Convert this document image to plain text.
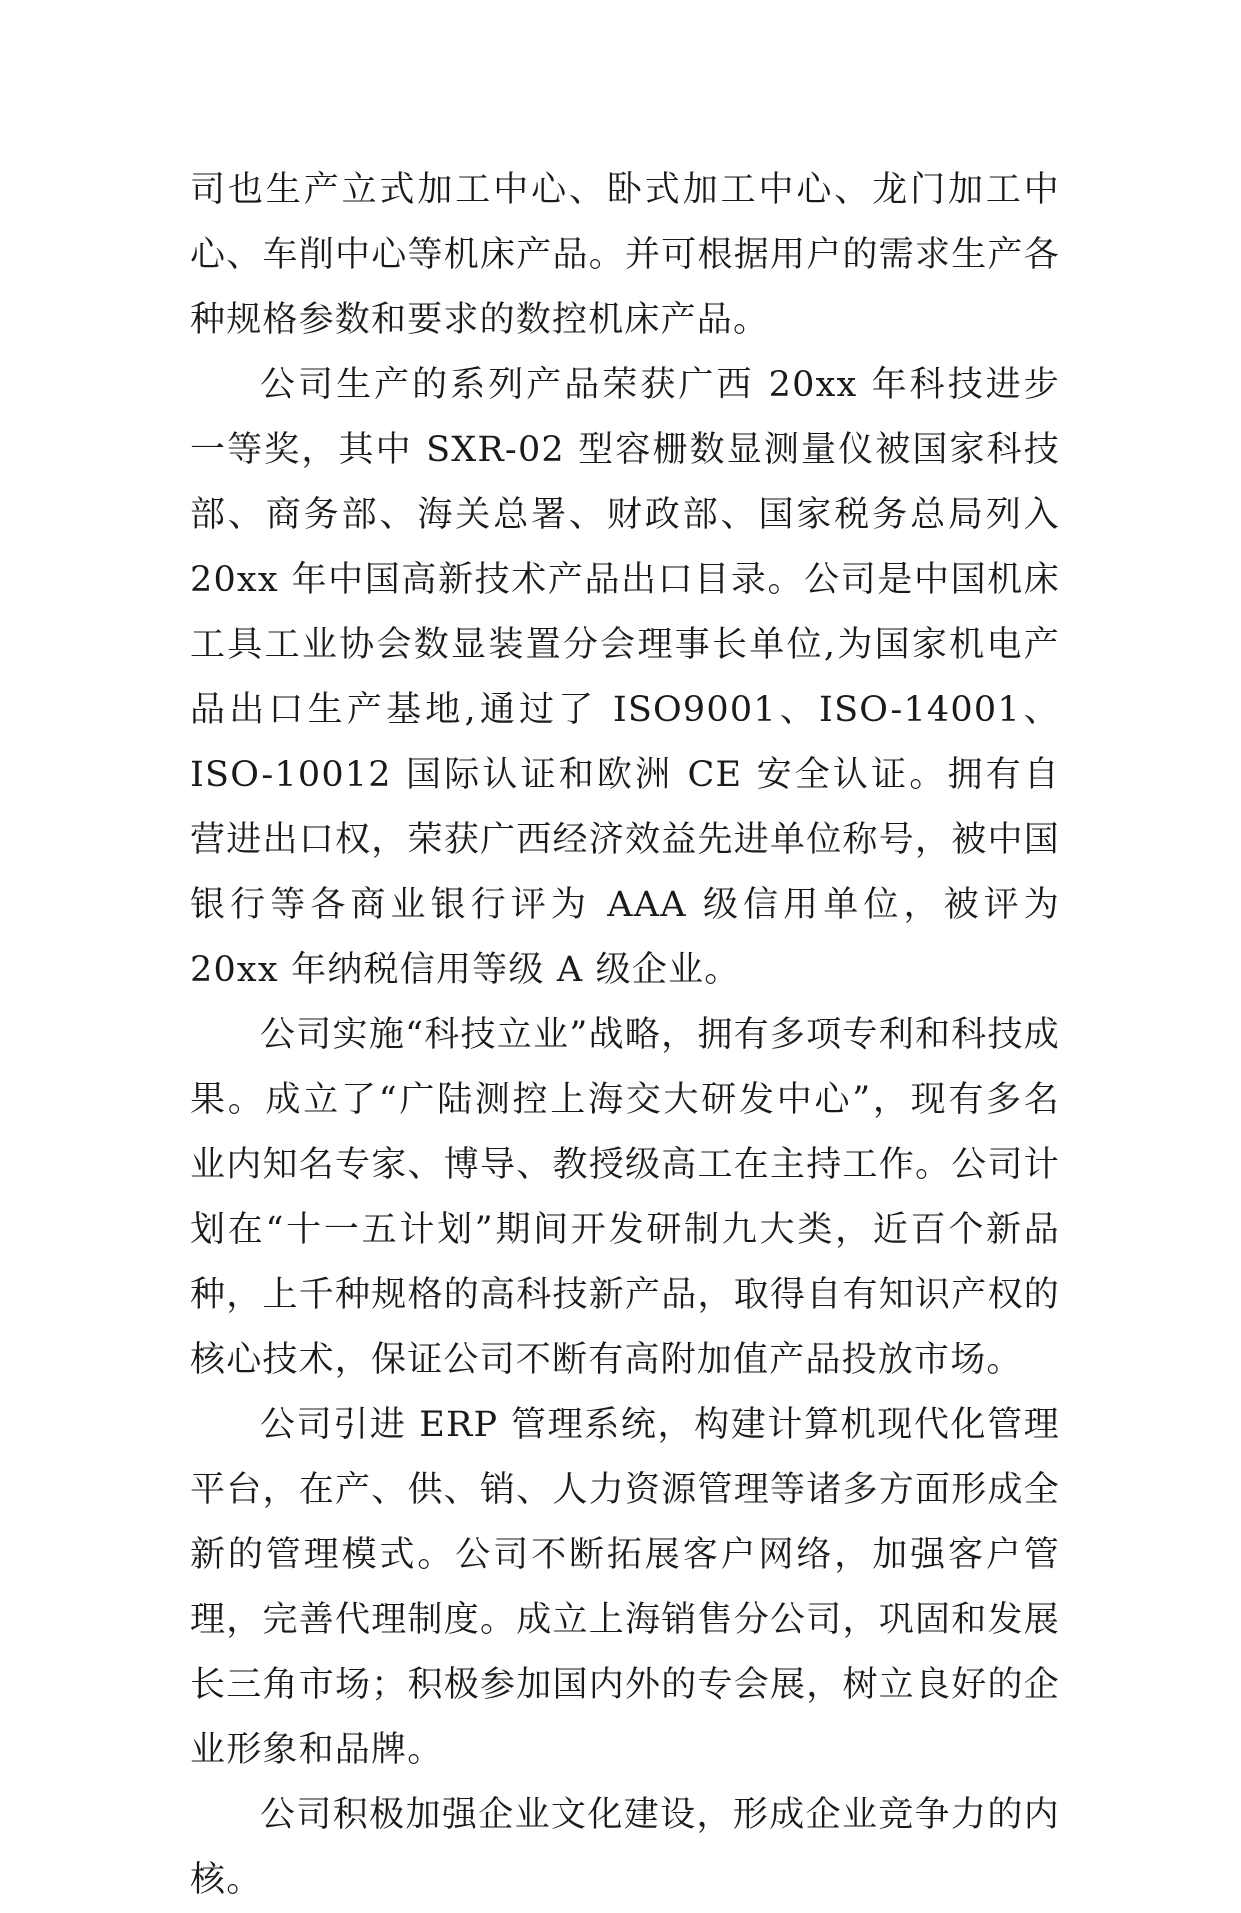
司也生产立式加工中心、卧式加工中心、龙门加工中心、车削中心等机床产品。并可根据用户的需求生产各种规格参数和要求的数控机床产品。

公司生产的系列产品荣获广西 20xx 年科技进步一等奖，其中 SXR-02 型容栅数显测量仪被国家科技部、商务部、海关总署、财政部、国家税务总局列入 20xx 年中国高新技术产品出口目录。公司是中国机床工具工业协会数显装置分会理事长单位,为国家机电产品出口生产基地,通过了 ISO9001、ISO-14001、ISO-10012 国际认证和欧洲 CE 安全认证。拥有自营进出口权，荣获广西经济效益先进单位称号，被中国银行等各商业银行评为 AAA 级信用单位，被评为 20xx 年纳税信用等级 A 级企业。

公司实施“科技立业”战略，拥有多项专利和科技成果。成立了“广陆测控上海交大研发中心”，现有多名业内知名专家、博导、教授级高工在主持工作。公司计划在“十一五计划”期间开发研制九大类，近百个新品种，上千种规格的高科技新产品，取得自有知识产权的核心技术，保证公司不断有高附加值产品投放市场。

公司引进 ERP 管理系统，构建计算机现代化管理平台，在产、供、销、人力资源管理等诸多方面形成全新的管理模式。公司不断拓展客户网络，加强客户管理，完善代理制度。成立上海销售分公司，巩固和发展长三角市场；积极参加国内外的专会展，树立良好的企业形象和品牌。

公司积极加强企业文化建设，形成企业竞争力的内核。
